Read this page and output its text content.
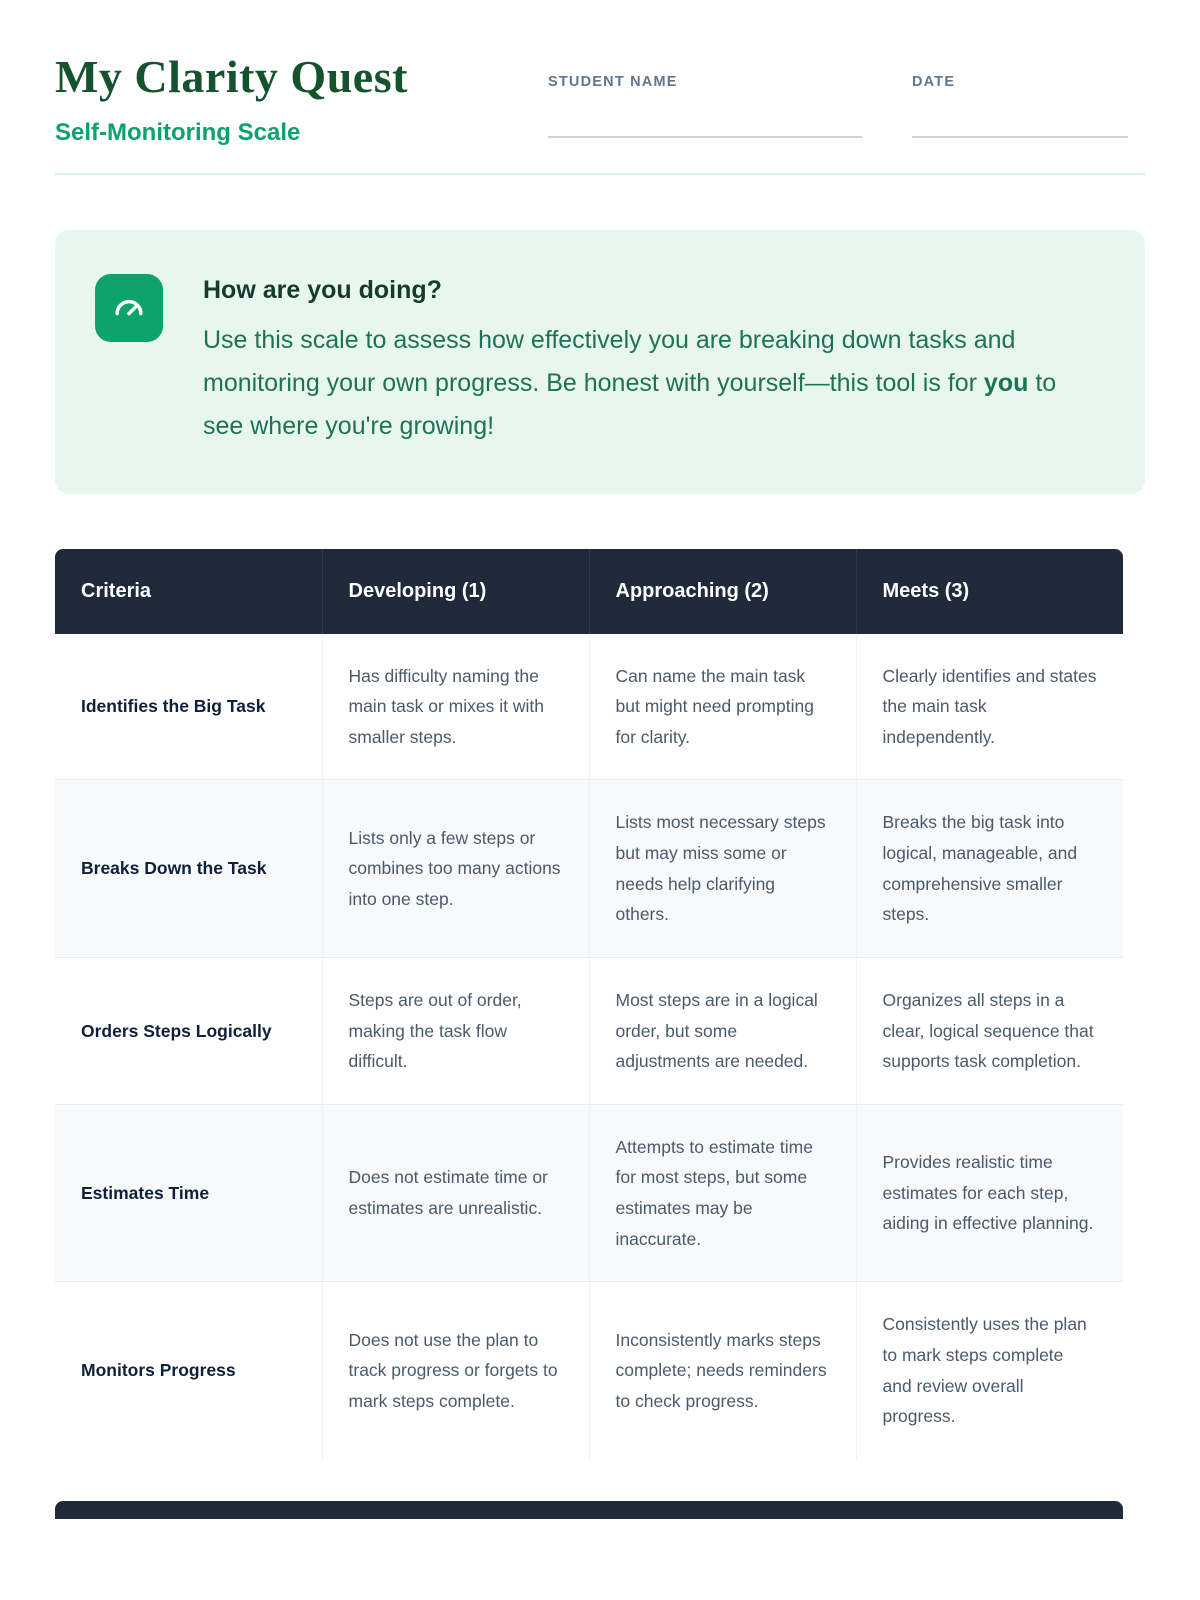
My Clarity Quest
Self-Monitoring Scale
STUDENT NAME	DATE
How are you doing?
Use this scale to assess how effectively you are breaking down tasks and monitoring your own progress. Be honest with yourself—this tool is for you to see where you're growing!
Criteria	Developing (1)	Approaching (2)	Meets (3)
Identifies the Big Task	Has difficulty naming the main task or mixes it with smaller steps.	Can name the main task but might need prompting for clarity.	Clearly identifies and states the main task independently.
Breaks Down the Task	Lists only a few steps or combines too many actions into one step.	Lists most necessary steps but may miss some or needs help clarifying others.	Breaks the big task into logical, manageable, and comprehensive smaller steps.
Orders Steps Logically	Steps are out of order, making the task flow difficult.	Most steps are in a logical order, but some adjustments are needed.	Organizes all steps in a clear, logical sequence that supports task completion.
Estimates Time	Does not estimate time or estimates are unrealistic.	Attempts to estimate time for most steps, but some estimates may be inaccurate.	Provides realistic time estimates for each step, aiding in effective planning.
Monitors Progress	Does not use the plan to track progress or forgets to mark steps complete.	Inconsistently marks steps complete; needs reminders to check progress.	Consistently uses the plan to mark steps complete and review overall progress.
